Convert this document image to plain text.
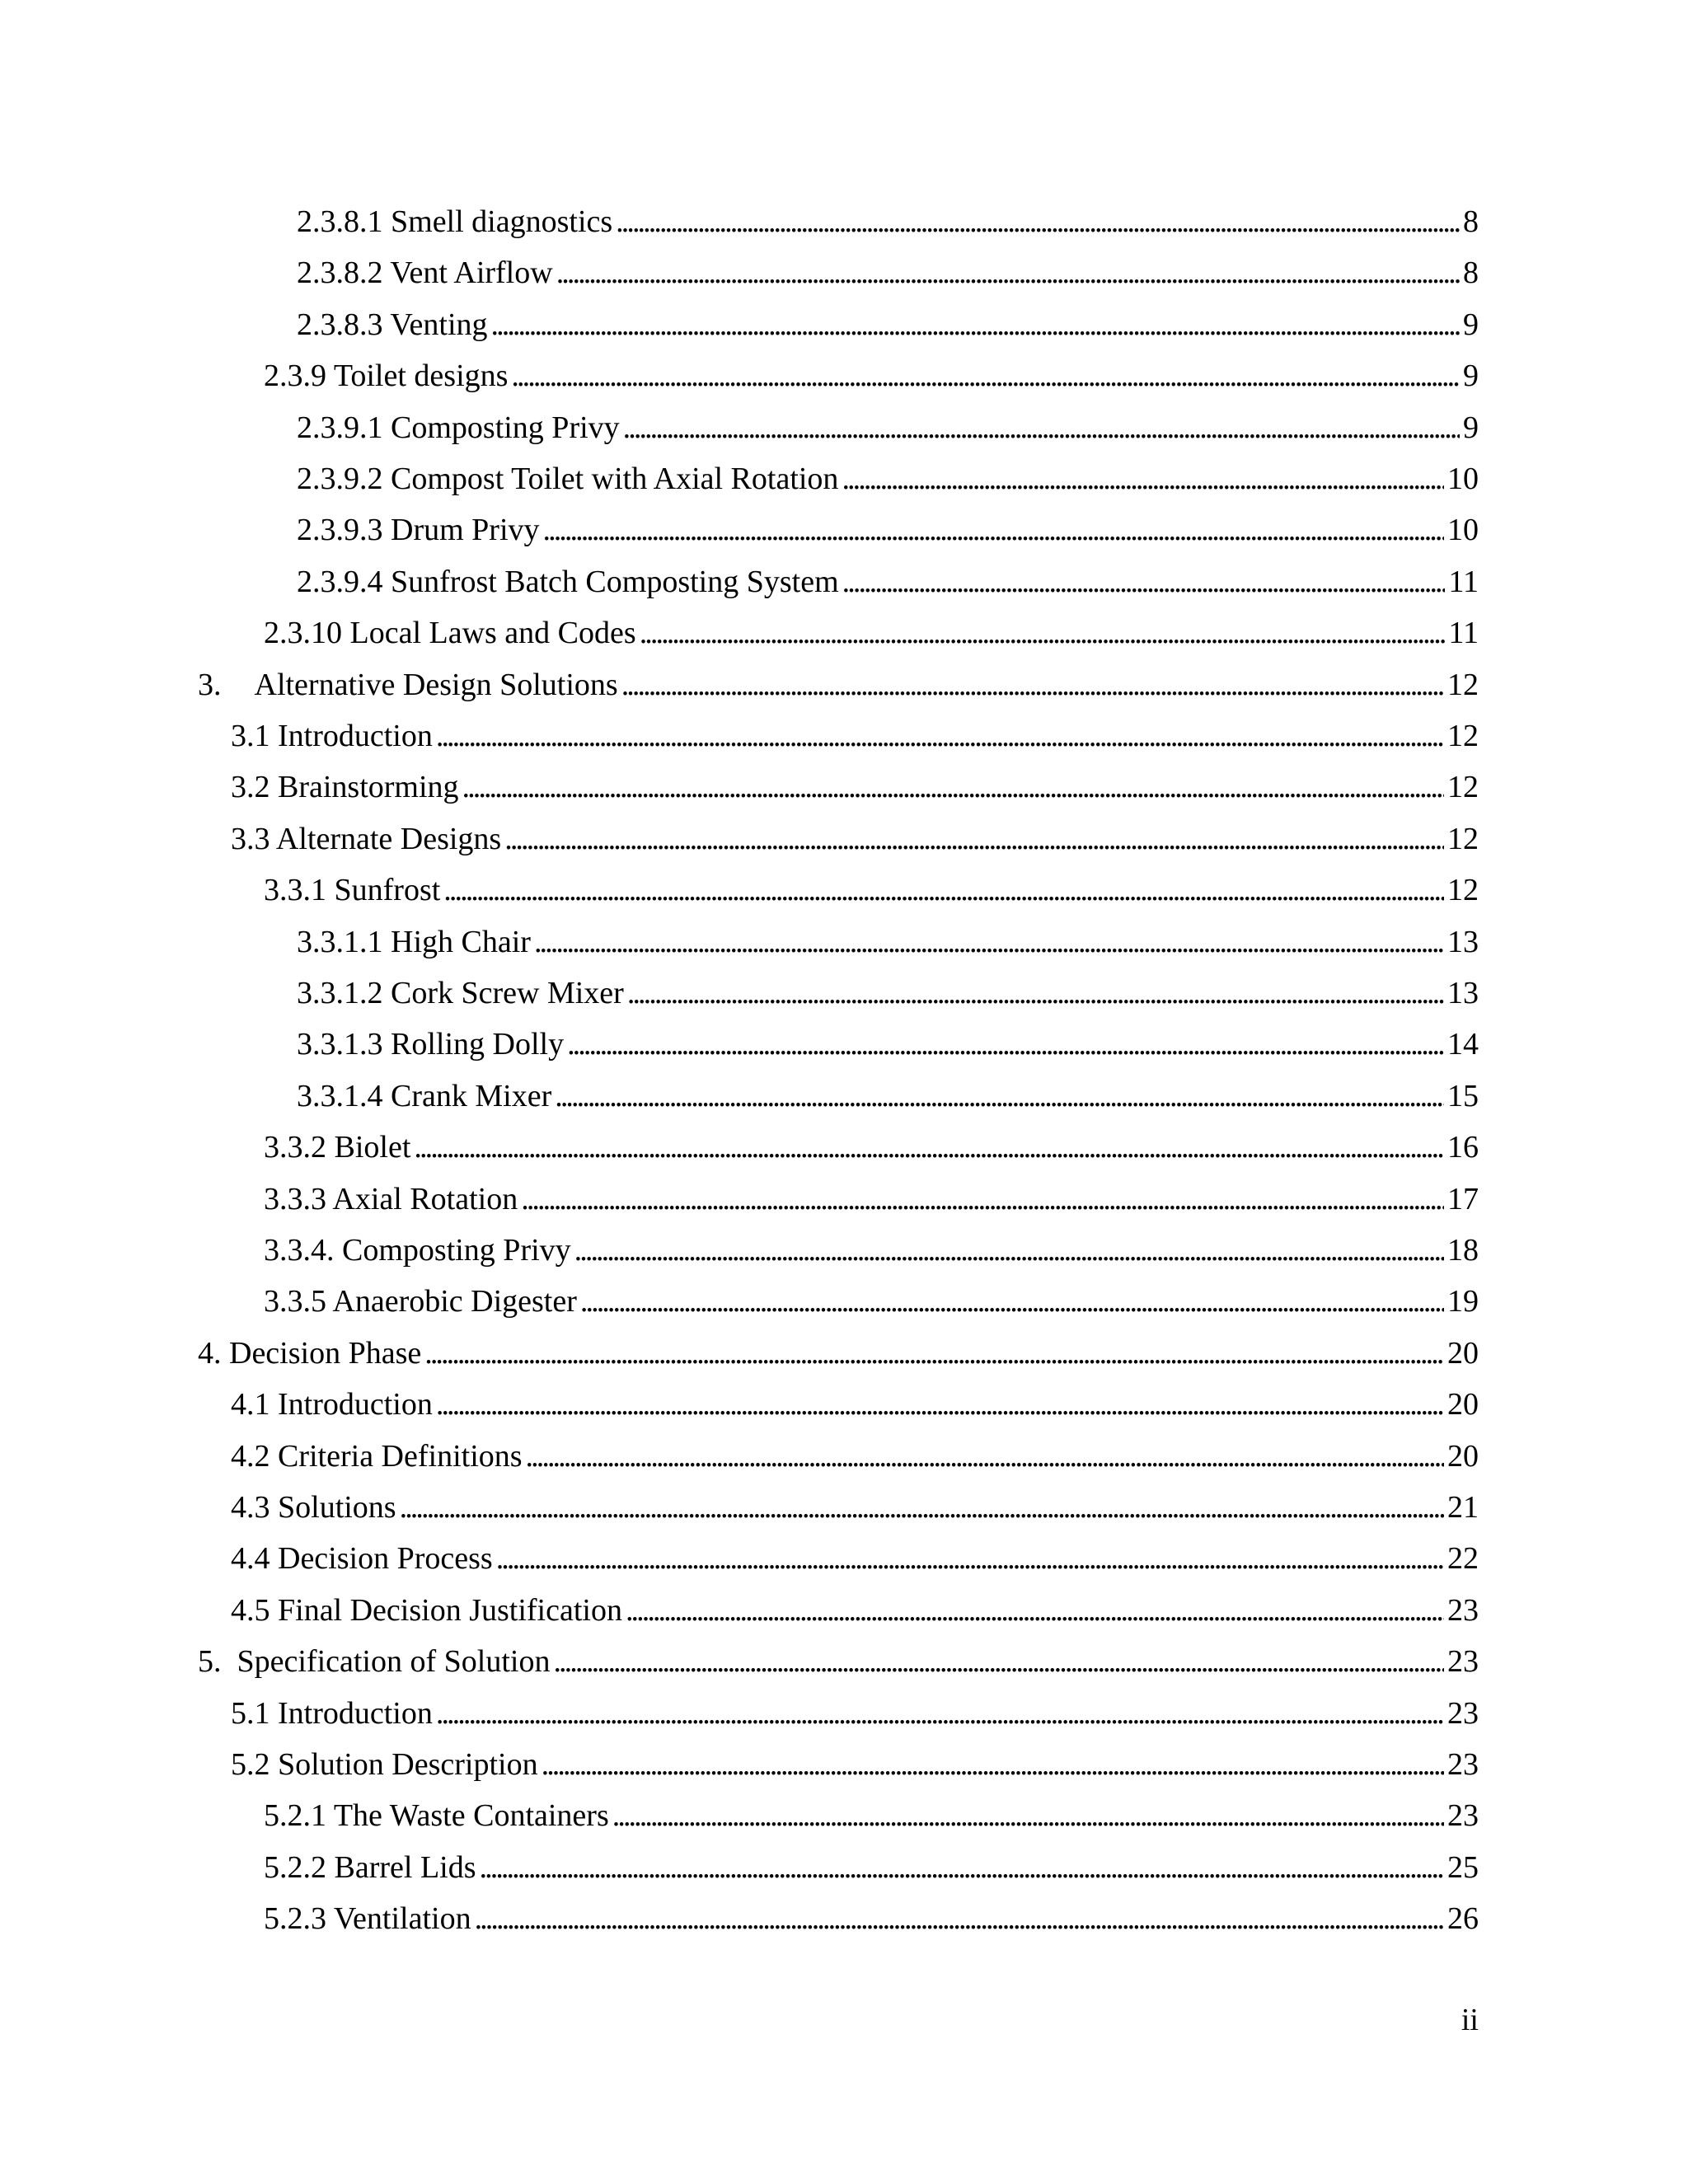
2.3.8.1 Smell diagnostics . . .	8
2.3.8.2 Vent Airflow . . .	8
2.3.8.3 Venting . . .	9
2.3.9 Toilet designs . . .	9
2.3.9.1 Composting Privy . . .	9
2.3.9.2 Compost Toilet with Axial Rotation . . .	10
2.3.9.3 Drum Privy . . .	10
2.3.9.4 Sunfrost Batch Composting System . . .	11
2.3.10 Local Laws and Codes . . .	11
3. Alternative Design Solutions . . .	12
3.1 Introduction . . .	12
3.2 Brainstorming . . .	12
3.3 Alternate Designs . . .	12
3.3.1 Sunfrost . . .	12
3.3.1.1 High Chair . . .	13
3.3.1.2 Cork Screw Mixer . . .	13
3.3.1.3 Rolling Dolly . . .	14
3.3.1.4 Crank Mixer . . .	15
3.3.2 Biolet . . .	16
3.3.3 Axial Rotation . . .	17
3.3.4. Composting Privy . . .	18
3.3.5 Anaerobic Digester . . .	19
4. Decision Phase . . .	20
4.1 Introduction . . .	20
4.2 Criteria Definitions . . .	20
4.3 Solutions . . .	21
4.4 Decision Process . . .	22
4.5 Final Decision Justification . . .	23
5.  Specification of Solution . . .	23
5.1 Introduction . . .	23
5.2 Solution Description . . .	23
5.2.1 The Waste Containers . . .	23
5.2.2 Barrel Lids . . .	25
5.2.3 Ventilation . . .	26
ii
